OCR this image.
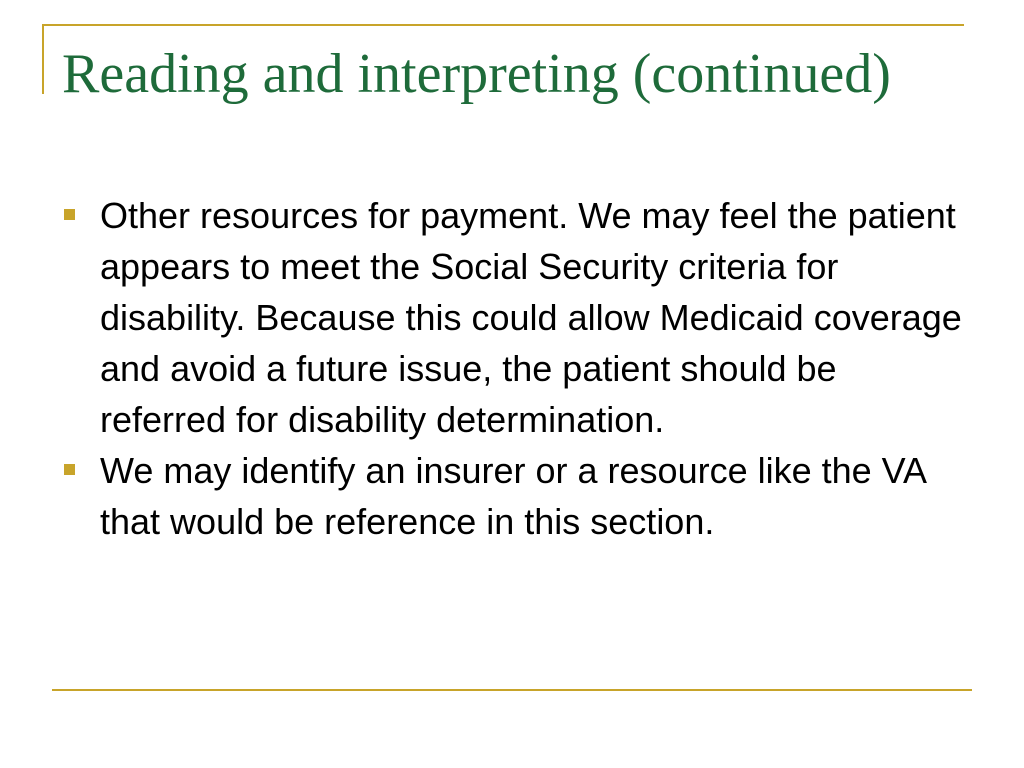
Reading and interpreting (continued)
Other resources for payment. We may feel the patient appears to meet the Social Security criteria for disability. Because this could allow Medicaid coverage and avoid a future issue, the patient should be referred for disability determination.
We may identify an insurer or a resource like the VA that would be reference in this section.
